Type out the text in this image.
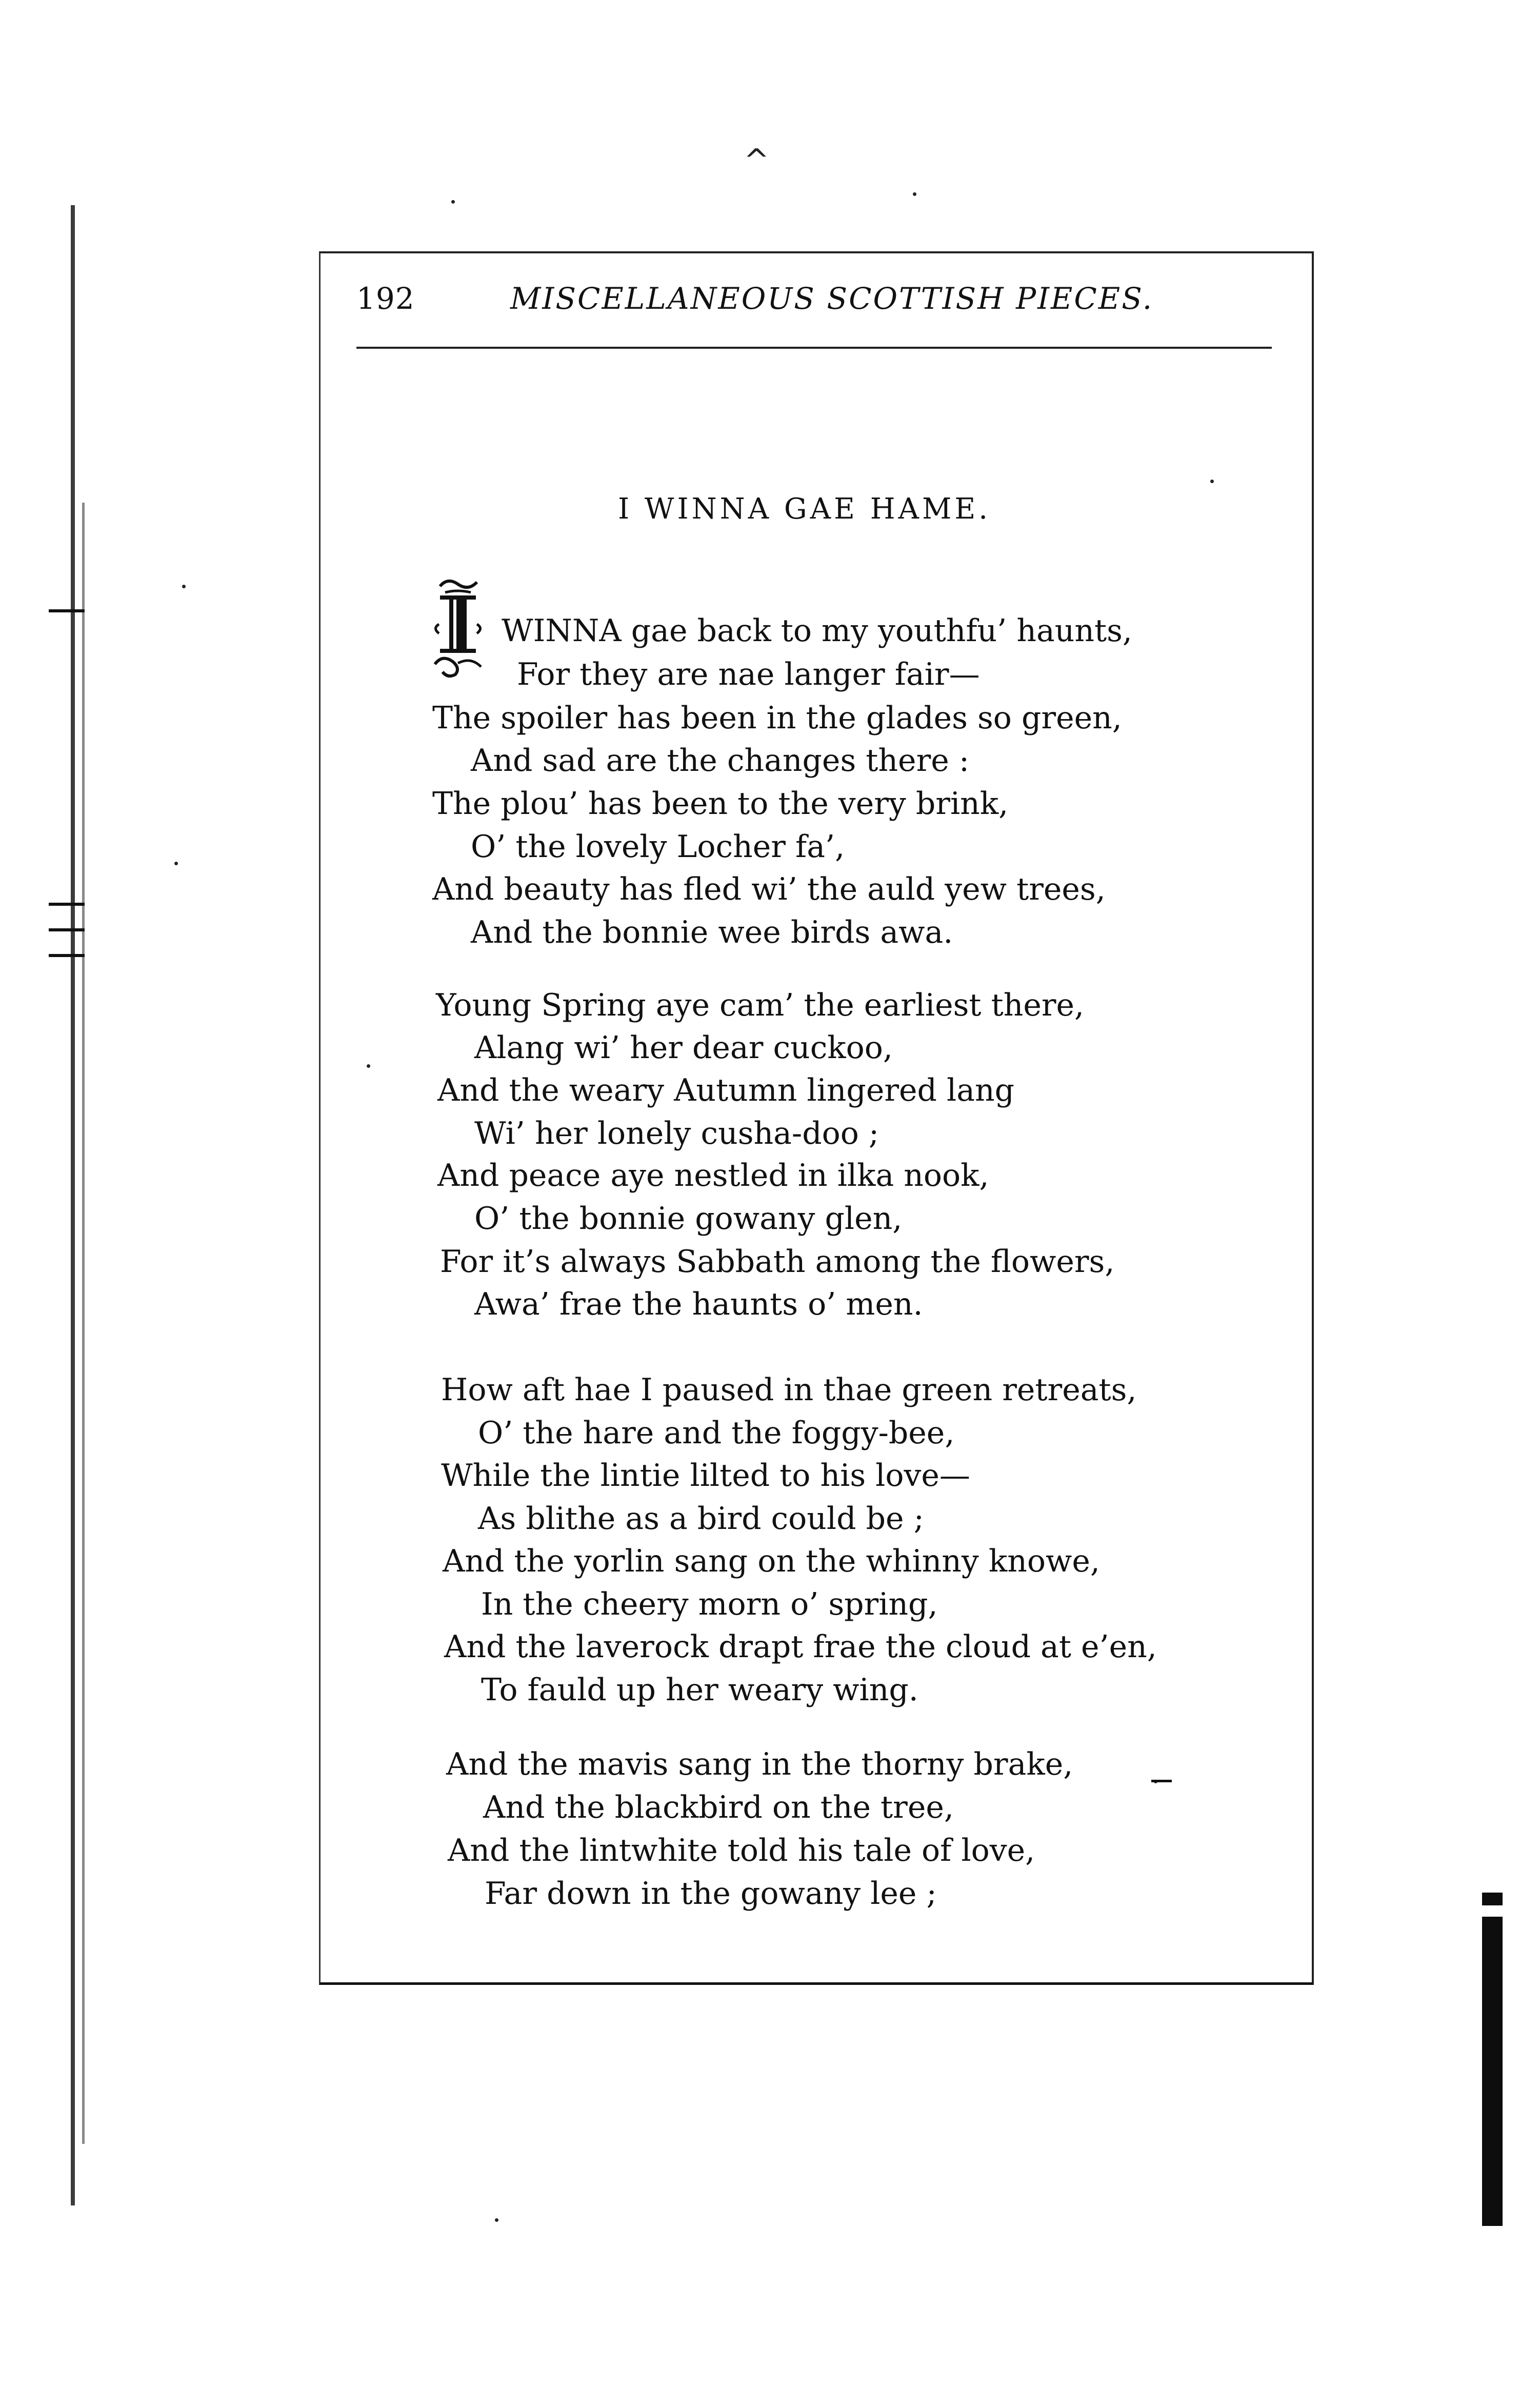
^
192	MISCELLANEOUS SCOTTISH PIECES.
I WINNA GAE HAME.
WINNA gae back to my youthfu’ haunts,
For they are nae langer fair—
The spoiler has been in the glades so green,
And sad are the changes there :
The plou’ has been to the very brink,
O’ the lovely Locher fa’,
And beauty has fled wi’ the auld yew trees,
And the bonnie wee birds awa.
Young Spring aye cam’ the earliest there,
Alang wi’ her dear cuckoo,
And the weary Autumn lingered lang
Wi’ her lonely cusha-doo ;
And peace aye nestled in ilka nook,
O’ the bonnie gowany glen,
For it’s always Sabbath among the flowers,
Awa’ frae the haunts o’ men.
How aft hae I paused in thae green retreats,
O’ the hare and the foggy-bee,
While the lintie lilted to his love—
As blithe as a bird could be ;
And the yorlin sang on the whinny knowe,
In the cheery morn o’ spring,
And the laverock drapt frae the cloud at e’en,
To fauld up her weary wing.
And the mavis sang in the thorny brake,
And the blackbird on the tree,
And the lintwhite told his tale of love,
Far down in the gowany lee ;
